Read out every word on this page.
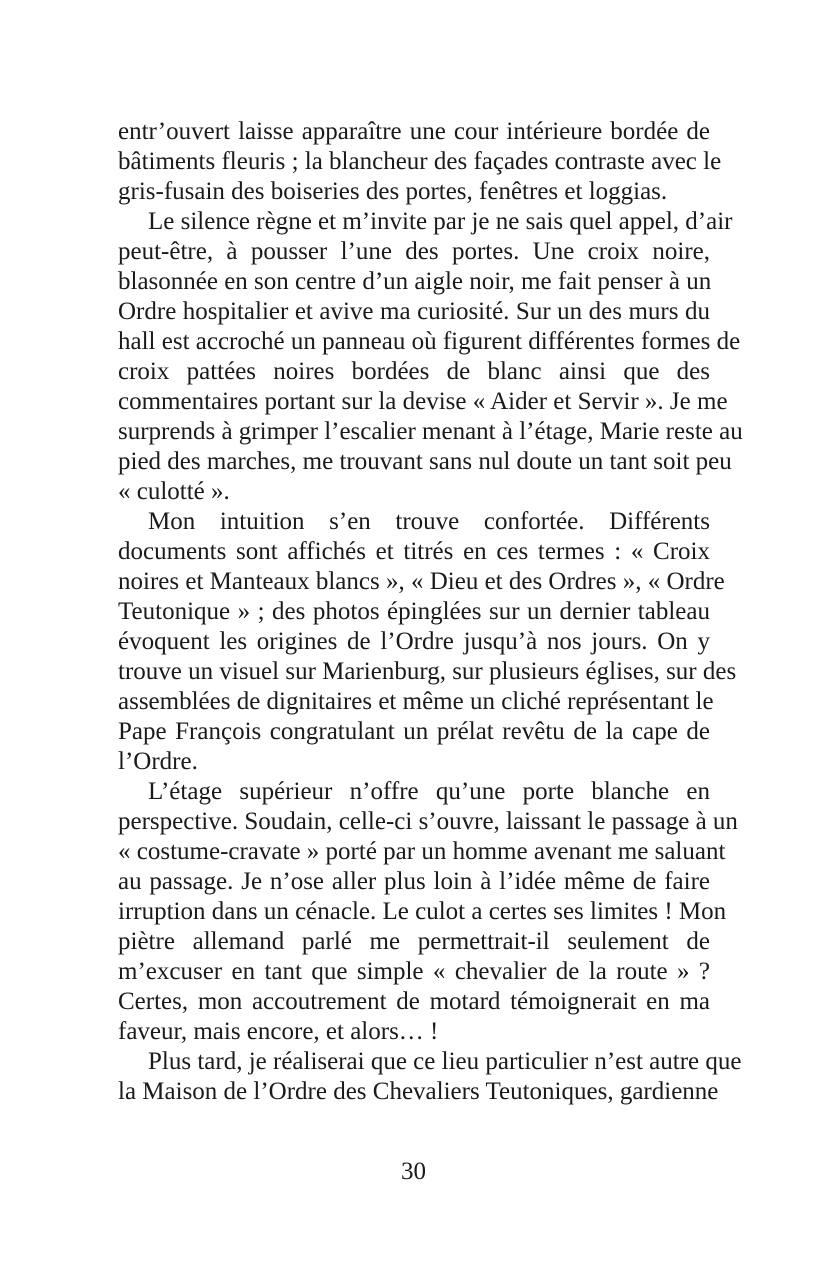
entr’ouvert laisse apparaître une cour intérieure bordée de
bâtiments fleuris ; la blancheur des façades contraste avec le
gris-fusain des boiseries des portes, fenêtres et loggias.
Le silence règne et m’invite par je ne sais quel appel, d’air
peut-être, à pousser l’une des portes. Une croix noire,
blasonnée en son centre d’un aigle noir, me fait penser à un
Ordre hospitalier et avive ma curiosité. Sur un des murs du
hall est accroché un panneau où figurent différentes formes de
croix pattées noires bordées de blanc ainsi que des
commentaires portant sur la devise « Aider et Servir ». Je me
surprends à grimper l’escalier menant à l’étage, Marie reste au
pied des marches, me trouvant sans nul doute un tant soit peu
« culotté ».
Mon intuition s’en trouve confortée. Différents
documents sont affichés et titrés en ces termes : « Croix
noires et Manteaux blancs », « Dieu et des Ordres », « Ordre
Teutonique » ; des photos épinglées sur un dernier tableau
évoquent les origines de l’Ordre jusqu’à nos jours. On y
trouve un visuel sur Marienburg, sur plusieurs églises, sur des
assemblées de dignitaires et même un cliché représentant le
Pape François congratulant un prélat revêtu de la cape de
l’Ordre.
L’étage supérieur n’offre qu’une porte blanche en
perspective. Soudain, celle-ci s’ouvre, laissant le passage à un
« costume-cravate » porté par un homme avenant me saluant
au passage. Je n’ose aller plus loin à l’idée même de faire
irruption dans un cénacle. Le culot a certes ses limites ! Mon
piètre allemand parlé me permettrait-il seulement de
m’excuser en tant que simple « chevalier de la route » ?
Certes, mon accoutrement de motard témoignerait en ma
faveur, mais encore, et alors… !
Plus tard, je réaliserai que ce lieu particulier n’est autre que
la Maison de l’Ordre des Chevaliers Teutoniques, gardienne
30
